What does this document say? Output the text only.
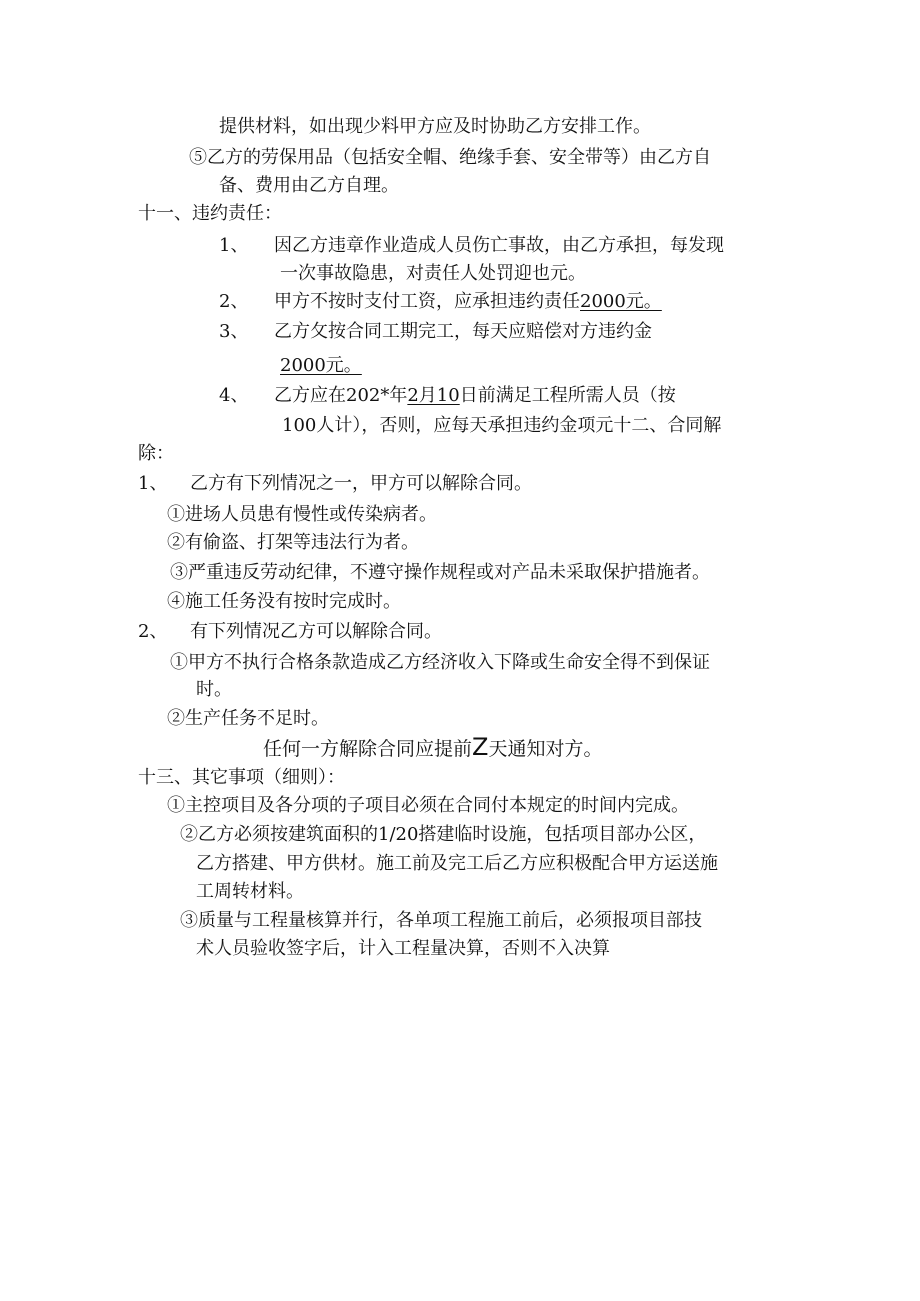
提供材料，如出现少料甲方应及时协助乙方安排工作。
⑤乙方的劳保用品（包括安全帽、绝缘手套、安全带等）由乙方自
备、费用由乙方自理。
十一、违约责任：
1、 因乙方违章作业造成人员伤亡事故，由乙方承担，每发现
一次事故隐患，对责任人处罚迎也元。
2、 甲方不按时支付工资，应承担违约责任2000元。
3、 乙方攵按合同工期完工，每天应赔偿对方违约金
2000元。
4、 乙方应在202*年2月10日前满足工程所需人员（按
100人计），否则，应每天承担违约金项元十二、合同解
除：
1、 乙方有下列情况之一，甲方可以解除合同。
①进场人员患有慢性或传染病者。
②有偷盗、打架等违法行为者。
③严重违反劳动纪律，不遵守操作规程或对产品未采取保护措施者。
④施工任务没有按时完成时。
2、 有下列情况乙方可以解除合同。
①甲方不执行合格条款造成乙方经济收入下降或生命安全得不到保证
时。
②生产任务不足时。
任何一方解除合同应提前Z天通知对方。
十三、其它事项（细则）：
①主控项目及各分项的子项目必须在合同付本规定的时间内完成。
②乙方必须按建筑面积的1/20搭建临时设施，包括项目部办公区，
乙方搭建、甲方供材。施工前及完工后乙方应积极配合甲方运送施
工周转材料。
③质量与工程量核算并行，各单项工程施工前后，必须报项目部技
术人员验收签字后，计入工程量决算，否则不入决算
